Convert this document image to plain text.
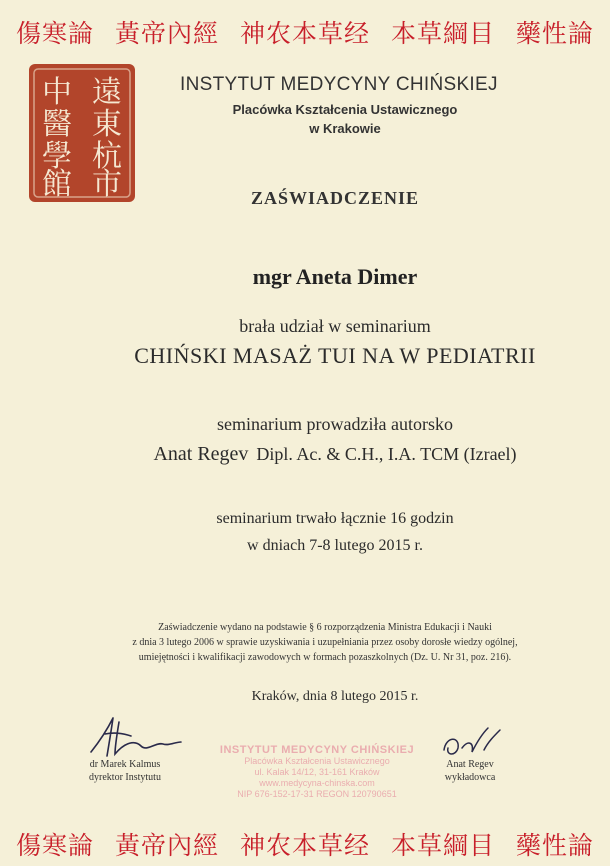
傷寒論 黃帝內經 神农本草经 本草綱目 藥性論
遠
東
杭
市
中
醫
學
館
INSTYTUT MEDYCYNY CHIŃSKIEJ
Placówka Kształcenia Ustawicznego
w Krakowie
ZAŚWIADCZENIE
mgr Aneta Dimer
brała udział w seminarium
CHIŃSKI MASAŻ TUI NA W PEDIATRII
seminarium prowadziła autorsko
Anat Regev Dipl. Ac. & C.H., I.A. TCM (Izrael)
seminarium trwało łącznie 16 godzin
w dniach 7-8 lutego 2015 r.
Zaświadczenie wydano na podstawie § 6 rozporządzenia Ministra Edukacji i Nauki
z dnia 3 lutego 2006 w sprawie uzyskiwania i uzupełniania przez osoby dorosłe wiedzy ogólnej,
umiejętności i kwalifikacji zawodowych w formach pozaszkolnych (Dz. U. Nr 31, poz. 216).
Kraków, dnia 8 lutego 2015 r.
dr Marek Kalmus
dyrektor Instytutu
Anat Regev
wykładowca
INSTYTUT MEDYCYNY CHIŃSKIEJ
Placówka Kształcenia Ustawicznego
ul. Kalak 14/12, 31-161 Kraków
www.medycyna-chinska.com
NIP 676-152-17-31 REGON 120790651
傷寒論 黃帝內經 神农本草经 本草綱目 藥性論
